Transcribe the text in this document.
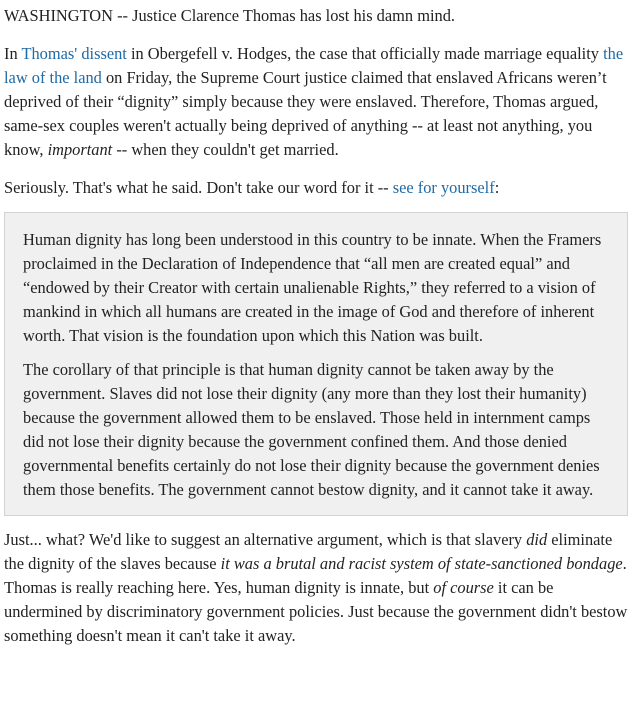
WASHINGTON -- Justice Clarence Thomas has lost his damn mind.

In Thomas' dissent in Obergefell v. Hodges, the case that officially made marriage equality the law of the land on Friday, the Supreme Court justice claimed that enslaved Africans weren’t deprived of their “dignity” simply because they were enslaved. Therefore, Thomas argued, same-sex couples weren't actually being deprived of anything -- at least not anything, you know, important -- when they couldn't get married.

Seriously. That's what he said. Don't take our word for it -- see for yourself:

Human dignity has long been understood in this country to be innate. When the Framers proclaimed in the Declaration of Independence that “all men are created equal” and “endowed by their Creator with certain unalienable Rights,” they referred to a vision of mankind in which all humans are created in the image of God and therefore of inherent worth. That vision is the foundation upon which this Nation was built.

The corollary of that principle is that human dignity cannot be taken away by the government. Slaves did not lose their dignity (any more than they lost their humanity) because the government allowed them to be enslaved. Those held in internment camps did not lose their dignity because the government confined them. And those denied governmental benefits certainly do not lose their dignity because the government denies them those benefits. The government cannot bestow dignity, and it cannot take it away.

Just... what? We'd like to suggest an alternative argument, which is that slavery did eliminate the dignity of the slaves because it was a brutal and racist system of state-sanctioned bondage. Thomas is really reaching here. Yes, human dignity is innate, but of course it can be undermined by discriminatory government policies. Just because the government didn't bestow something doesn't mean it can't take it away.
